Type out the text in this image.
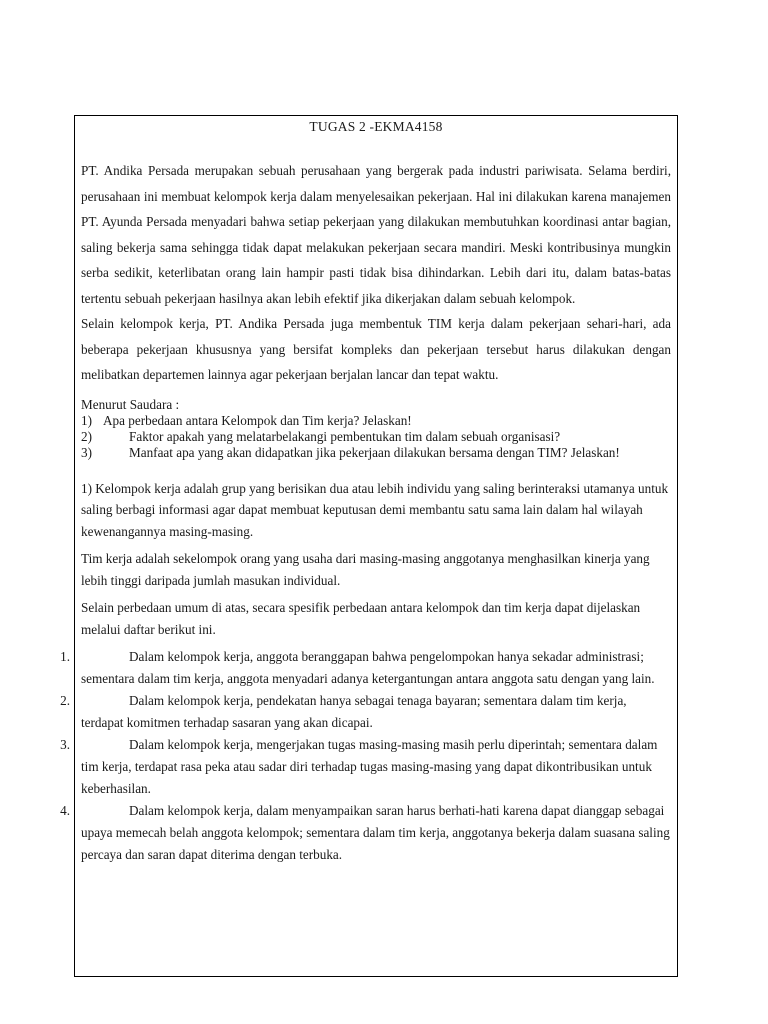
TUGAS 2 -EKMA4158

PT. Andika Persada merupakan sebuah perusahaan yang bergerak pada industri pariwisata. Selama berdiri, perusahaan ini membuat kelompok kerja dalam menyelesaikan pekerjaan. Hal ini dilakukan karena manajemen PT. Ayunda Persada menyadari bahwa setiap pekerjaan yang dilakukan membutuhkan koordinasi antar bagian, saling bekerja sama sehingga tidak dapat melakukan pekerjaan secara mandiri. Meski kontribusinya mungkin serba sedikit, keterlibatan orang lain hampir pasti tidak bisa dihindarkan. Lebih dari itu, dalam batas-batas tertentu sebuah pekerjaan hasilnya akan lebih efektif jika dikerjakan dalam sebuah kelompok.

Selain kelompok kerja, PT. Andika Persada juga membentuk TIM kerja dalam pekerjaan sehari-hari, ada beberapa pekerjaan khususnya yang bersifat kompleks dan pekerjaan tersebut harus dilakukan dengan melibatkan departemen lainnya agar pekerjaan berjalan lancar dan tepat waktu.

Menurut Saudara :

1) Apa perbedaan antara Kelompok dan Tim kerja? Jelaskan!
2)	Faktor apakah yang melatarbelakangi pembentukan tim dalam sebuah organisasi?
3)	Manfaat apa yang akan didapatkan jika pekerjaan dilakukan bersama dengan TIM? Jelaskan!

1) Kelompok kerja adalah grup yang berisikan dua atau lebih individu yang saling berinteraksi utamanya untuk saling berbagi informasi agar dapat membuat keputusan demi membantu satu sama lain dalam hal wilayah kewenangannya masing-masing.

Tim kerja adalah sekelompok orang yang usaha dari masing-masing anggotanya menghasilkan kinerja yang lebih tinggi daripada jumlah masukan individual.

Selain perbedaan umum di atas, secara spesifik perbedaan antara kelompok dan tim kerja dapat dijelaskan melalui daftar berikut ini.

1.	Dalam kelompok kerja, anggota beranggapan bahwa pengelompokan hanya sekadar administrasi; sementara dalam tim kerja, anggota menyadari adanya ketergantungan antara anggota satu dengan yang lain.
2.	Dalam kelompok kerja, pendekatan hanya sebagai tenaga bayaran; sementara dalam tim kerja, terdapat komitmen terhadap sasaran yang akan dicapai.
3.	Dalam kelompok kerja, mengerjakan tugas masing-masing masih perlu diperintah; sementara dalam tim kerja, terdapat rasa peka atau sadar diri terhadap tugas masing-masing yang dapat dikontribusikan untuk keberhasilan.
4.	Dalam kelompok kerja, dalam menyampaikan saran harus berhati-hati karena dapat dianggap sebagai upaya memecah belah anggota kelompok; sementara dalam tim kerja, anggotanya bekerja dalam suasana saling percaya dan saran dapat diterima dengan terbuka.
